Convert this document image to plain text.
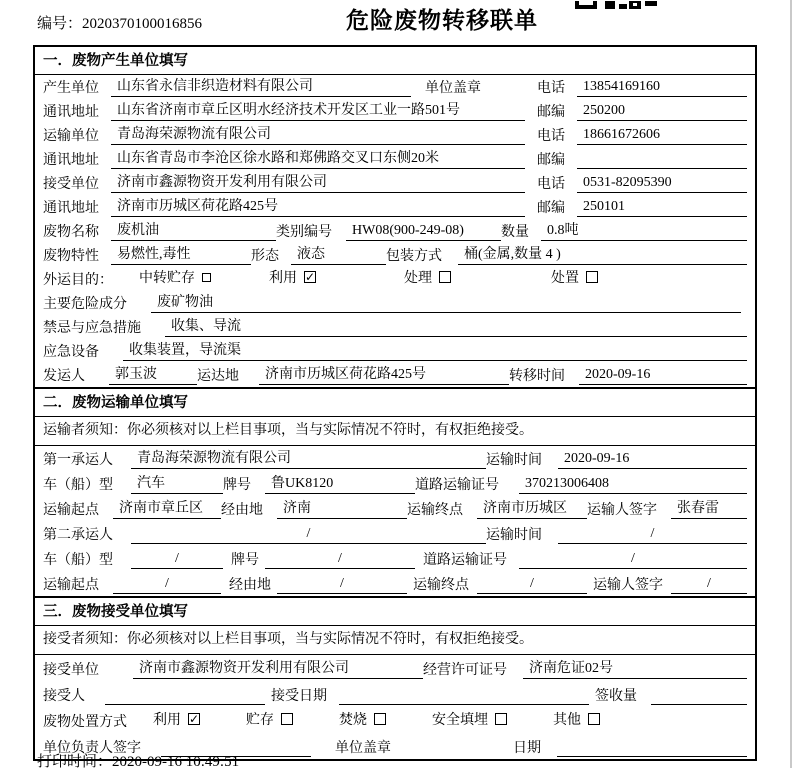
编号：2020370100016856	危险废物转移联单
一．废物产生单位填写
产生单位	山东省永信非织造材料有限公司	单位盖章	电话	13854169160
通讯地址	山东省济南市章丘区明水经济技术开发区工业一路501号	邮编	250200
运输单位	青岛海荣源物流有限公司	电话	18661672606
通讯地址	山东省青岛市李沧区徐水路和郑佛路交叉口东侧20米	邮编
接受单位	济南市鑫源物资开发利用有限公司	电话	0531-82095390
通讯地址	济南市历城区荷花路425号	邮编	250101
废物名称	废机油	类别编号	HW08(900-249-08)	数量	0.8吨
废物特性	易燃性,毒性	形态	液态	包装方式	桶(金属,数量 4 )
外运目的：	中转贮存	利用 ✓	处理	处置
主要危险成分	废矿物油
禁忌与应急措施	收集、导流
应急设备	收集装置，导流渠
发运人	郭玉波	运达地	济南市历城区荷花路425号	转移时间	2020-09-16
二．废物运输单位填写
运输者须知：你必须核对以上栏目事项，当与实际情况不符时，有权拒绝接受。
第一承运人	青岛海荣源物流有限公司	运输时间	2020-09-16
车（船）型	汽车	牌号	鲁UK8120	道路运输证号	370213006408
运输起点	济南市章丘区	经由地	济南	运输终点	济南市历城区	运输人签字	张春雷
第二承运人	/	运输时间	/
车（船）型	/	牌号	/	道路运输证号	/
运输起点	/	经由地	/	运输终点	/	运输人签字	/
三．废物接受单位填写
接受者须知：你必须核对以上栏目事项，当与实际情况不符时，有权拒绝接受。
接受单位	济南市鑫源物资开发利用有限公司	经营许可证号	济南危证02号
接受人	接受日期	签收量
废物处置方式	利用 ✓	贮存	焚烧	安全填埋	其他
单位负责人签字	单位盖章	日期
打印时间：2020-09-16 10:49:51
